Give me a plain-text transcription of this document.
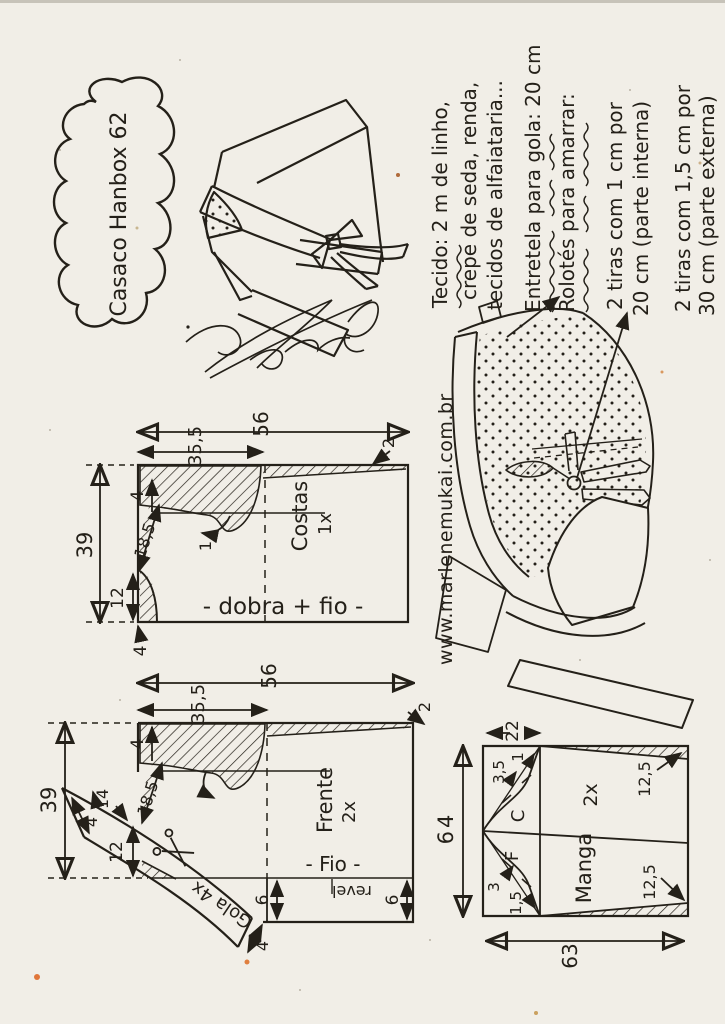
Casaco Hanbox 62	Tecido: 2 m de linho, crepe de seda, renda, tecidos de alfaiataria... Entretela para gola: 20 cm Rolotés para amarrar: 2 tiras com 1 cm por 20 cm (parte interna) 2 tiras com 1,5 cm por 30 cm (parte externa)
www.marlenemukai.com.br
56
35,5
39 18,5
12
4
4
1
2
Costas 1x
- dobra + fio -
56
35,5
39	18,5
12
14
4
2
6	6
Frente 2x
- Fio -
revel
Gola 4x
4
4
22
64
63
C
F
3,5
1
3
1,5
12,5
12,5
Manga
2x
